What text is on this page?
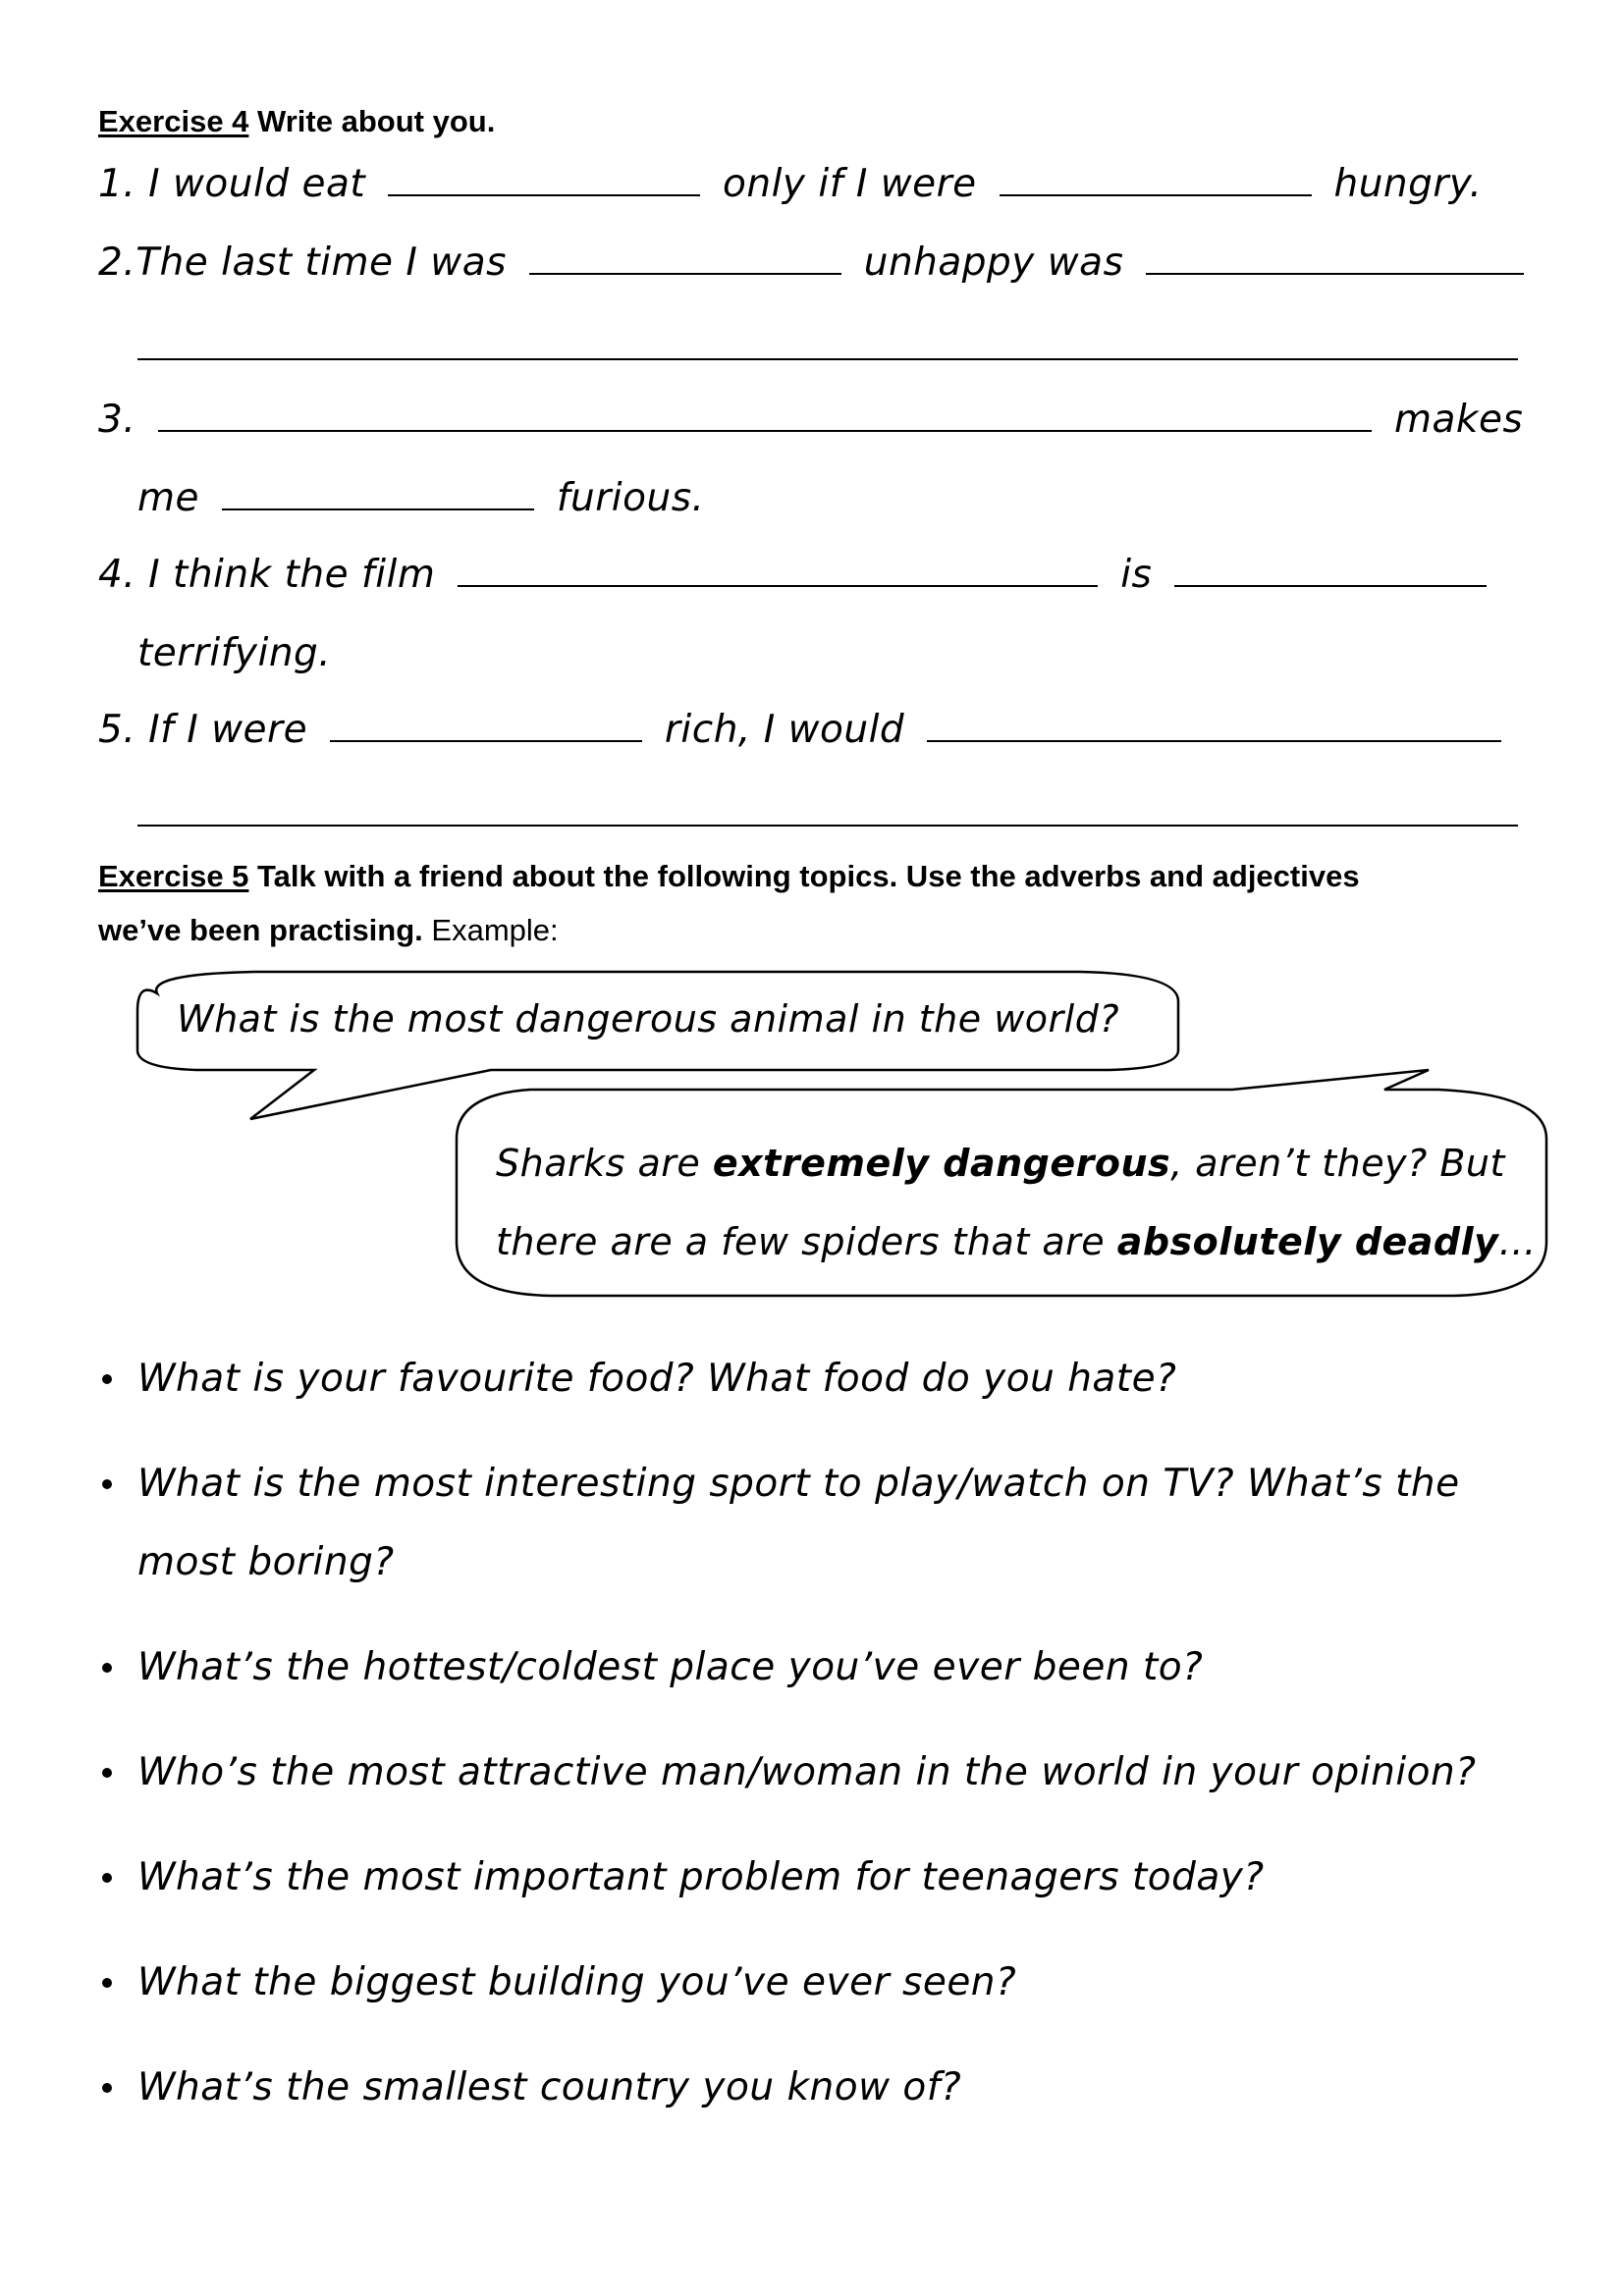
Exercise 4 Write about you.
1. I would eat	only if I were	hungry.
2.The last time I was	unhappy was
3.	makes
me	furious.
4. I think the film	is
terrifying.
5. If I were	rich, I would
Exercise 5 Talk with a friend about the following topics. Use the adverbs and adjectives
we’ve been practising. Example:
What is the most dangerous animal in the world?
Sharks are extremely dangerous, aren’t they? But
there are a few spiders that are absolutely deadly…
What is your favourite food? What food do you hate?
What is the most interesting sport to play/watch on TV? What’s the most boring?
What’s the hottest/coldest place you’ve ever been to?
Who’s the most attractive man/woman in the world in your opinion?
What’s the most important problem for teenagers today?
What the biggest building you’ve ever seen?
What’s the smallest country you know of?
